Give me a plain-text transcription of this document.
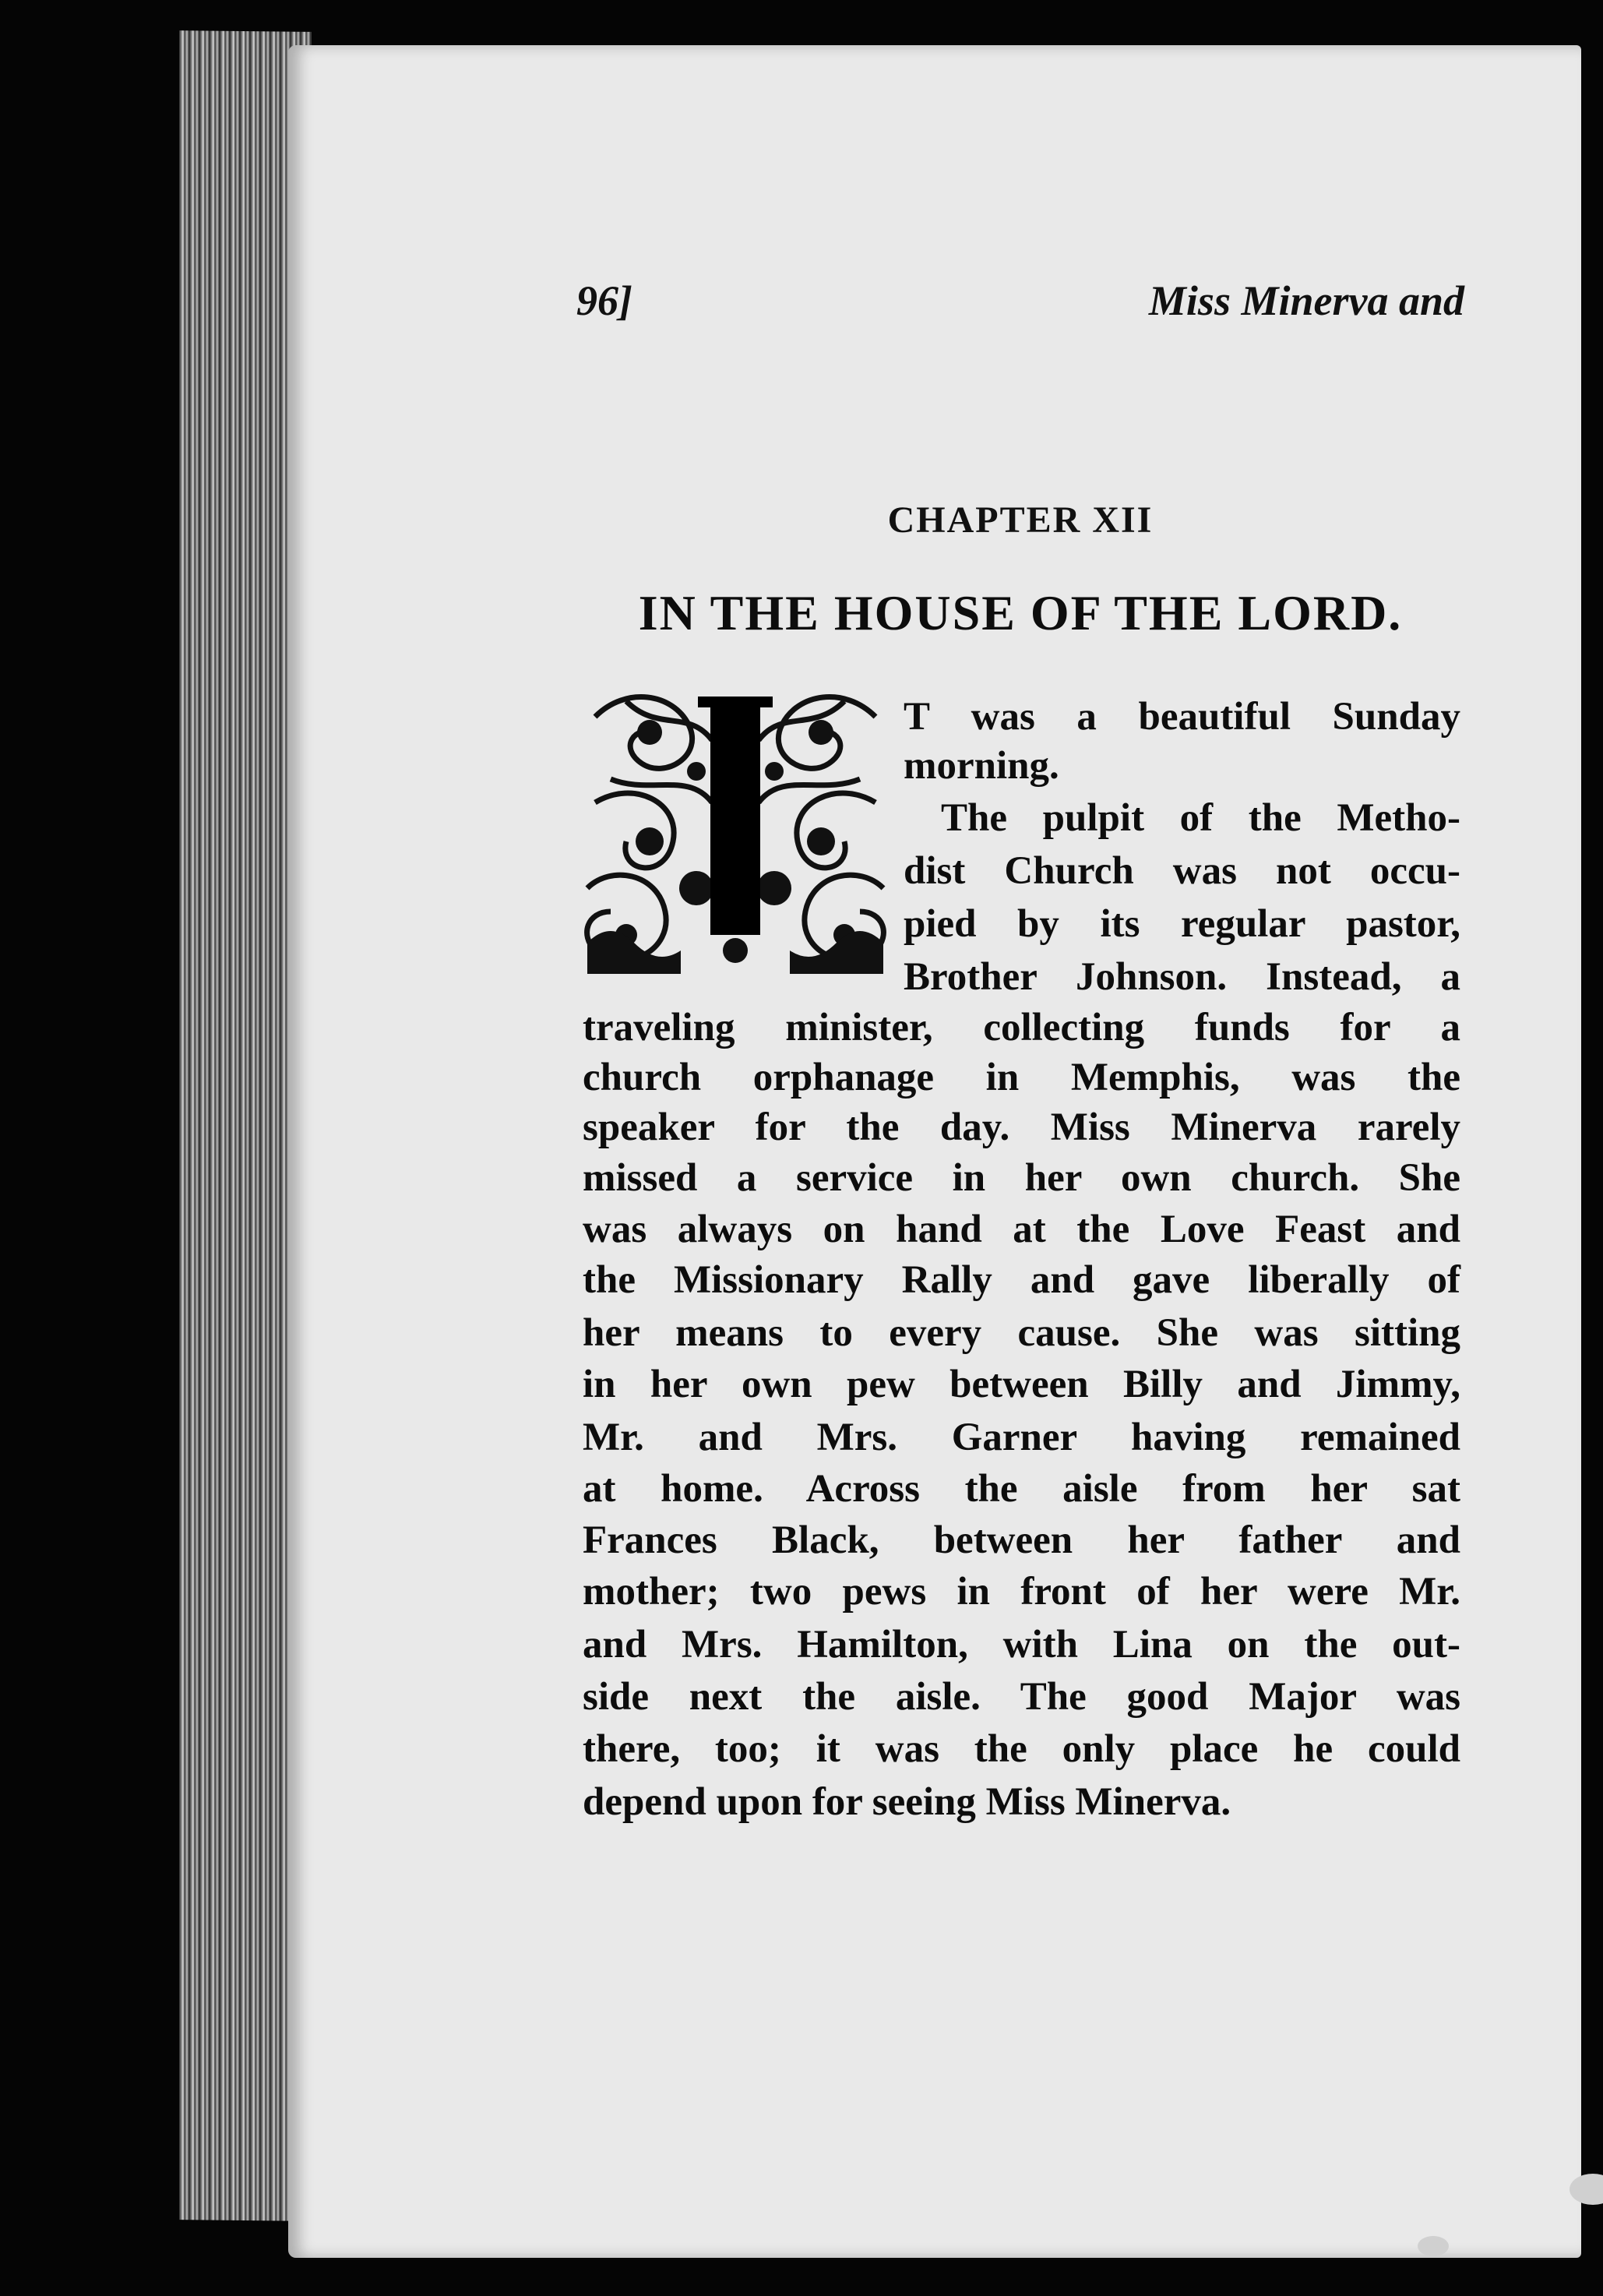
96]	Miss Minerva and
CHAPTER XII
IN THE HOUSE OF THE LORD.
T was a beautiful Sunday
morning.
The pulpit of the Metho-
dist Church was not occu-
pied by its regular pastor,
Brother Johnson. Instead, a
traveling minister, collecting funds for a
church orphanage in Memphis, was the
speaker for the day. Miss Minerva rarely
missed a service in her own church. She
was always on hand at the Love Feast and
the Missionary Rally and gave liberally of
her means to every cause. She was sitting
in her own pew between Billy and Jimmy,
Mr. and Mrs. Garner having remained
at home. Across the aisle from her sat
Frances Black, between her father and
mother; two pews in front of her were Mr.
and Mrs. Hamilton, with Lina on the out-
side next the aisle. The good Major was
there, too; it was the only place he could
depend upon for seeing Miss Minerva.
